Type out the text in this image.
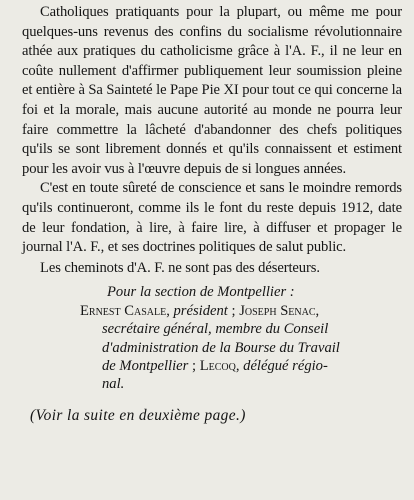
Catholiques pratiquants pour la plupart, ou même me pour quelques-uns revenus des confins du socialisme révolutionnaire athée aux pratiques du catholicisme grâce à l'A. F., il ne leur en coûte nullement d'affirmer publiquement leur soumission pleine et entière à Sa Sainteté le Pape Pie XI pour tout ce qui concerne la foi et la morale, mais aucune autorité au monde ne pourra leur faire commettre la lâcheté d'abandonner des chefs politiques qu'ils se sont librement donnés et qu'ils connaissent et estiment pour les avoir vus à l'œuvre depuis de si longues années.

C'est en toute sûreté de conscience et sans le moindre remords qu'ils continueront, comme ils le font du reste depuis 1912, date de leur fondation, à lire, à faire lire, à diffuser et propager le journal l'A. F., et ses doctrines politiques de salut public.

Les cheminots d'A. F. ne sont pas des déserteurs.

Pour la section de Montpellier :
Ernest Casale, président ; Joseph Senac,
secrétaire général, membre du Conseil
d'administration de la Bourse du Travail
de Montpellier ; Lecoq, délégué régio-
nal.
(Voir la suite en deuxième page.)
